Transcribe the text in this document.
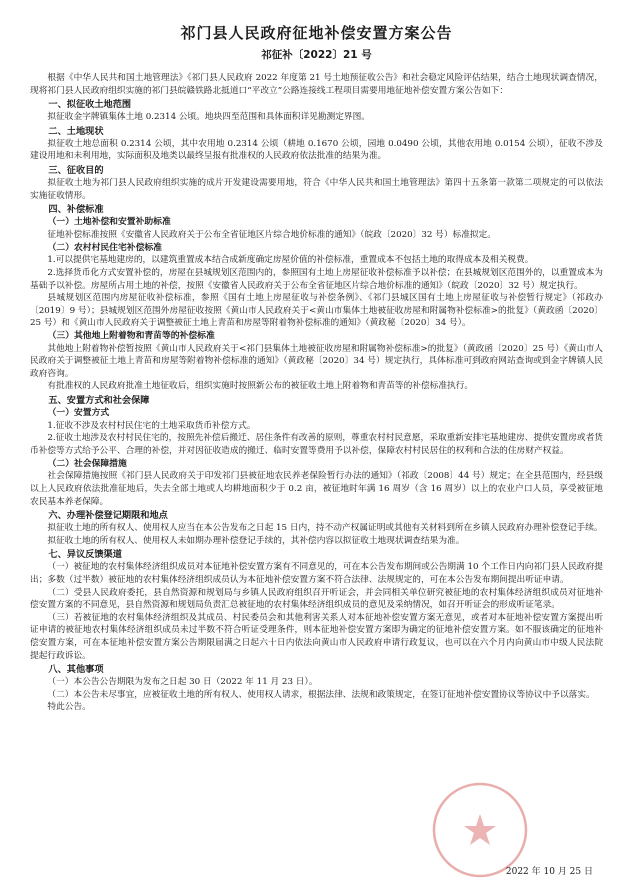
祁门县人民政府征地补偿安置方案公告
祁征补〔2022〕21 号

根据《中华人民共和国土地管理法》《祁门县人民政府 2022 年度第 21 号土地预征收公告》和社会稳定风险评估结果，结合土地现状调查情况，现将祁门县人民政府组织实施的祁门县皖赣铁路北抵道口“平改立”公路连接线工程项目需要用地征地补偿安置方案公告如下：

一、拟征收土地范围

拟征收金字牌镇集体土地 0.2314 公顷。地块四至范围和具体面积详见勘测定界图。

二、土地现状

拟征收土地总面积 0.2314 公顷，其中农用地 0.2314 公顷（耕地 0.1670 公顷，园地 0.0490 公顷，其他农用地 0.0154 公顷），征收不涉及建设用地和未利用地，实际面积及地类以最终呈报有批准权的人民政府依法批准的结果为准。

三、征收目的

拟征收土地为祁门县人民政府组织实施的成片开发建设需要用地，符合《中华人民共和国土地管理法》第四十五条第一款第二项规定的可以依法实施征收情形。

四、补偿标准
（一）土地补偿和安置补助标准

征地补偿标准按照《安徽省人民政府关于公布全省征地区片综合地价标准的通知》（皖政〔2020〕32 号）标准拟定。

（二）农村村民住宅补偿标准

1.可以提供宅基地建房的，以建筑重置成本结合成新度确定房屋价值的补偿标准，重置成本不包括土地的取得成本及相关税费。

2.选择货币化方式安置补偿的，房屋在县城规划区范围内的，参照国有土地上房屋征收补偿标准予以补偿；在县城规划区范围外的，以重置成本为基础予以补偿。房屋所占用土地的补偿，按照《安徽省人民政府关于公布全省征地区片综合地价标准的通知》（皖政〔2020〕32 号）规定执行。

县城规划区范围内房屋征收补偿标准，参照《国有土地上房屋征收与补偿条例》、《祁门县城区国有土地上房屋征收与补偿暂行规定》（祁政办〔2019〕9 号）；县城规划区范围外房屋征收按照《黄山市人民政府关于<黄山市集体土地被征收房屋和附属物补偿标准>的批复》（黄政函〔2020〕25 号）和《黄山市人民政府关于调整被征土地上青苗和房屋等附着物补偿标准的通知》（黄政秘〔2020〕34 号）。

（三）其他地上附着物和青苗等的补偿标准

其他地上附着物补偿暂按照《黄山市人民政府关于<祁门县集体土地被征收房屋和附属物补偿标准>的批复》（黄政函〔2020〕25 号）《黄山市人民政府关于调整被征土地上青苗和房屋等附着物补偿标准的通知》（黄政秘〔2020〕34 号）规定执行，具体标准可到政府网站查询或到金字牌镇人民政府咨询。

有批准权的人民政府批准土地征收后，组织实施时按照新公布的被征收土地上附着物和青苗等的补偿标准执行。

五、安置方式和社会保障
（一）安置方式

1.征收不涉及农村村民住宅的土地采取货币补偿方式。

2.征收土地涉及农村村民住宅的，按照先补偿后搬迁、居住条件有改善的原则，尊重农村村民意愿，采取重新安排宅基地建房、提供安置房或者货币补偿等方式给予公平、合理的补偿，并对因征收造成的搬迁、临时安置等费用予以补偿，保障农村村民居住的权利和合法的住房财产权益。

（二）社会保障措施

社会保障措施按照《祁门县人民政府关于印发祁门县被征地农民养老保险暂行办法的通知》（祁政〔2008〕44 号）规定；在全县范围内，经县级以上人民政府依法批准征地后，失去全部土地或人均耕地面积少于 0.2 亩，被征地时年满 16 周岁（含 16 周岁）以上的农业户口人员，享受被征地农民基本养老保障。

六、办理补偿登记期限和地点

拟征收土地的所有权人、使用权人应当在本公告发布之日起 15 日内，持不动产权属证明或其他有关材料到所在乡镇人民政府办理补偿登记手续。

拟征收土地的所有权人、使用权人未如期办理补偿登记手续的，其补偿内容以拟征收土地现状调查结果为准。

七、异议反馈渠道

（一）被征地的农村集体经济组织成员对本征地补偿安置方案有不同意见的，可在本公告发布期间或公告期满 10 个工作日内向祁门县人民政府提出；多数（过半数）被征地的农村集体经济组织成员认为本征地补偿安置方案不符合法律、法规规定的，可在本公告发布期间提出听证申请。

（二）受县人民政府委托，县自然资源和规划局与乡镇人民政府组织召开听证会，并会同相关单位研究被征地的农村集体经济组织成员对征地补偿安置方案的不同意见，县自然资源和规划局负责汇总被征地的农村集体经济组织成员的意见及采纳情况，如召开听证会的形成听证笔录。

（三）若被征地的农村集体经济组织及其成员、村民委员会和其他利害关系人对本征地补偿安置方案无意见，或者对本征地补偿安置方案提出听证申请的被征地农村集体经济组织成员未过半数不符合听证受理条件，则本征地补偿安置方案即为确定的征地补偿安置方案。如不服该确定的征地补偿安置方案，可在本征地补偿安置方案公告期限届满之日起六十日内依法向黄山市人民政府申请行政复议，也可以在六个月内向黄山市中级人民法院提起行政诉讼。

八、其他事项

（一）本公告公告期限为发布之日起 30 日（2022 年 11 月 23 日）。

（二）本公告未尽事宜，应被征收土地的所有权人、使用权人请求，根据法律、法规和政策规定，在签订征地补偿安置协议等协议中予以落实。

特此公告。

2022 年 10 月 25 日
